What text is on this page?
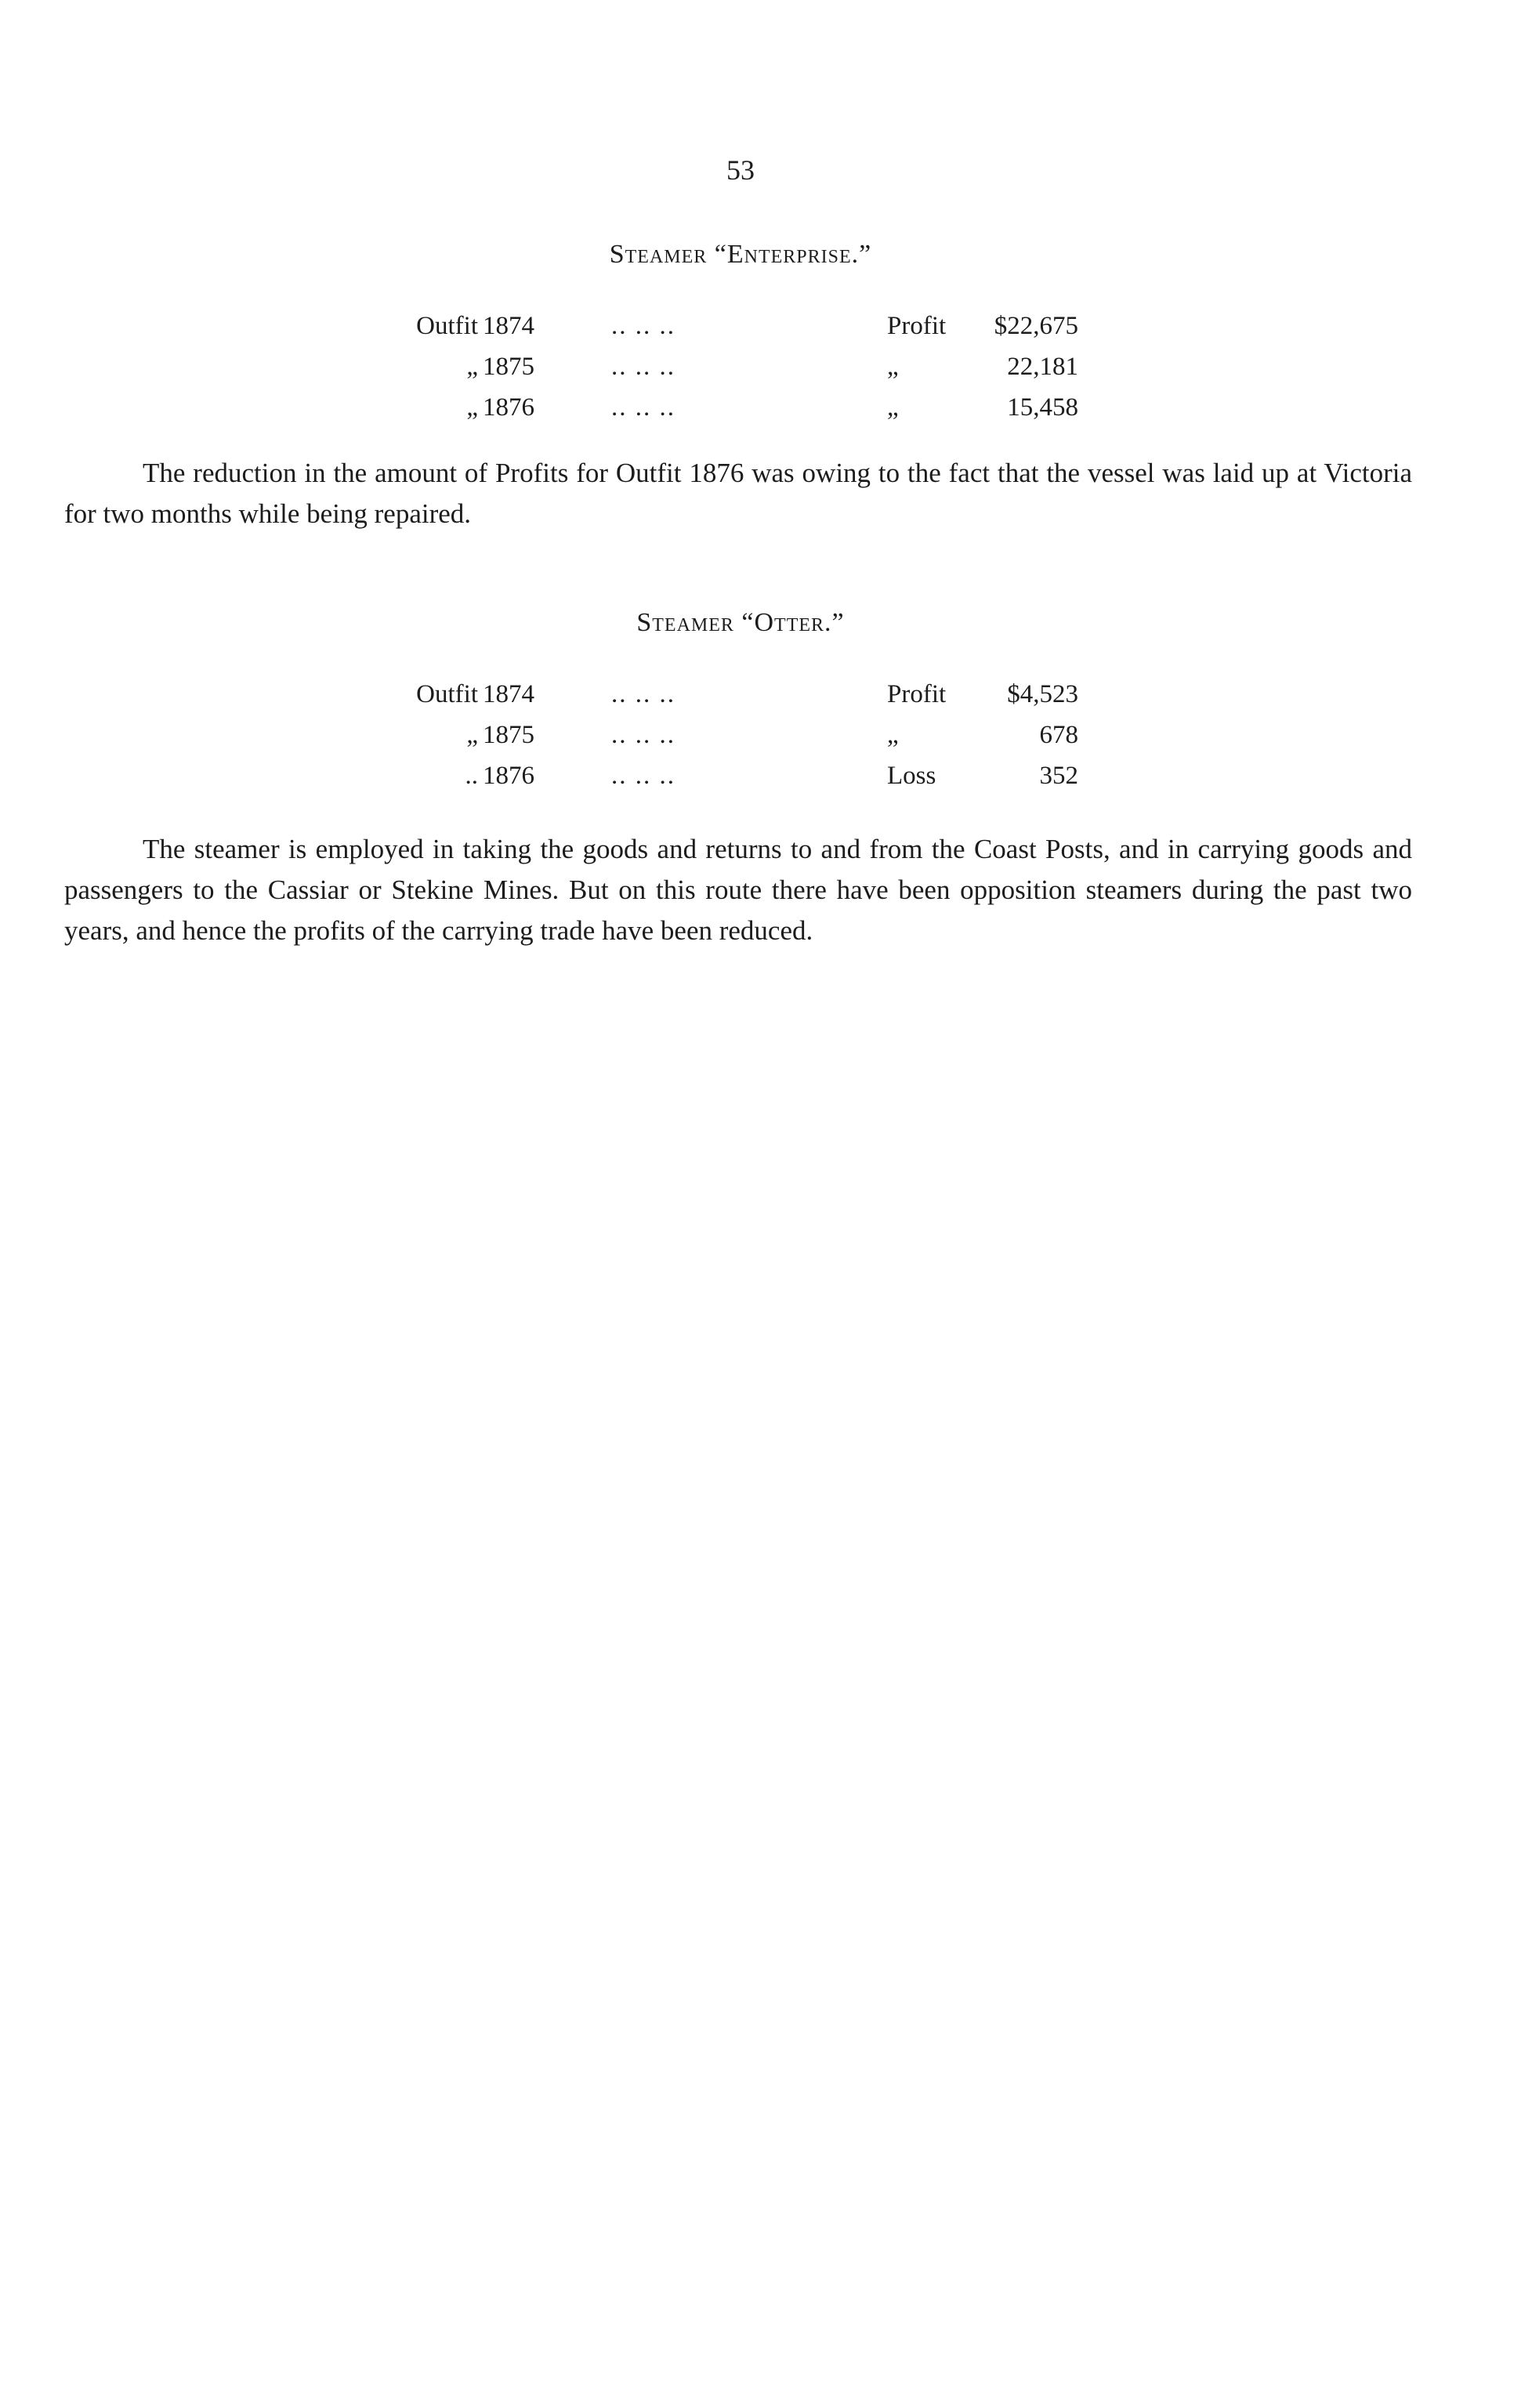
53
Steamer “Enterprise.”
Outfit 1874	.. .. ..	Profit	$22,675
„ 1875	.. .. ..	„	22,181
„ 1876	.. .. ..	„	15,458

The reduction in the amount of Profits for Outfit 1876 was owing to the fact that the vessel was laid up at Victoria for two months while being repaired.

Steamer “Otter.”
Outfit 1874	.. .. ..	Profit	$4,523
„ 1875	.. .. ..	„	678
.. 1876	.. .. ..	Loss	352

The steamer is employed in taking the goods and returns to and from the Coast Posts, and in carrying goods and passengers to the Cassiar or Stekine Mines. But on this route there have been opposition steamers during the past two years, and hence the profits of the carrying trade have been reduced.
